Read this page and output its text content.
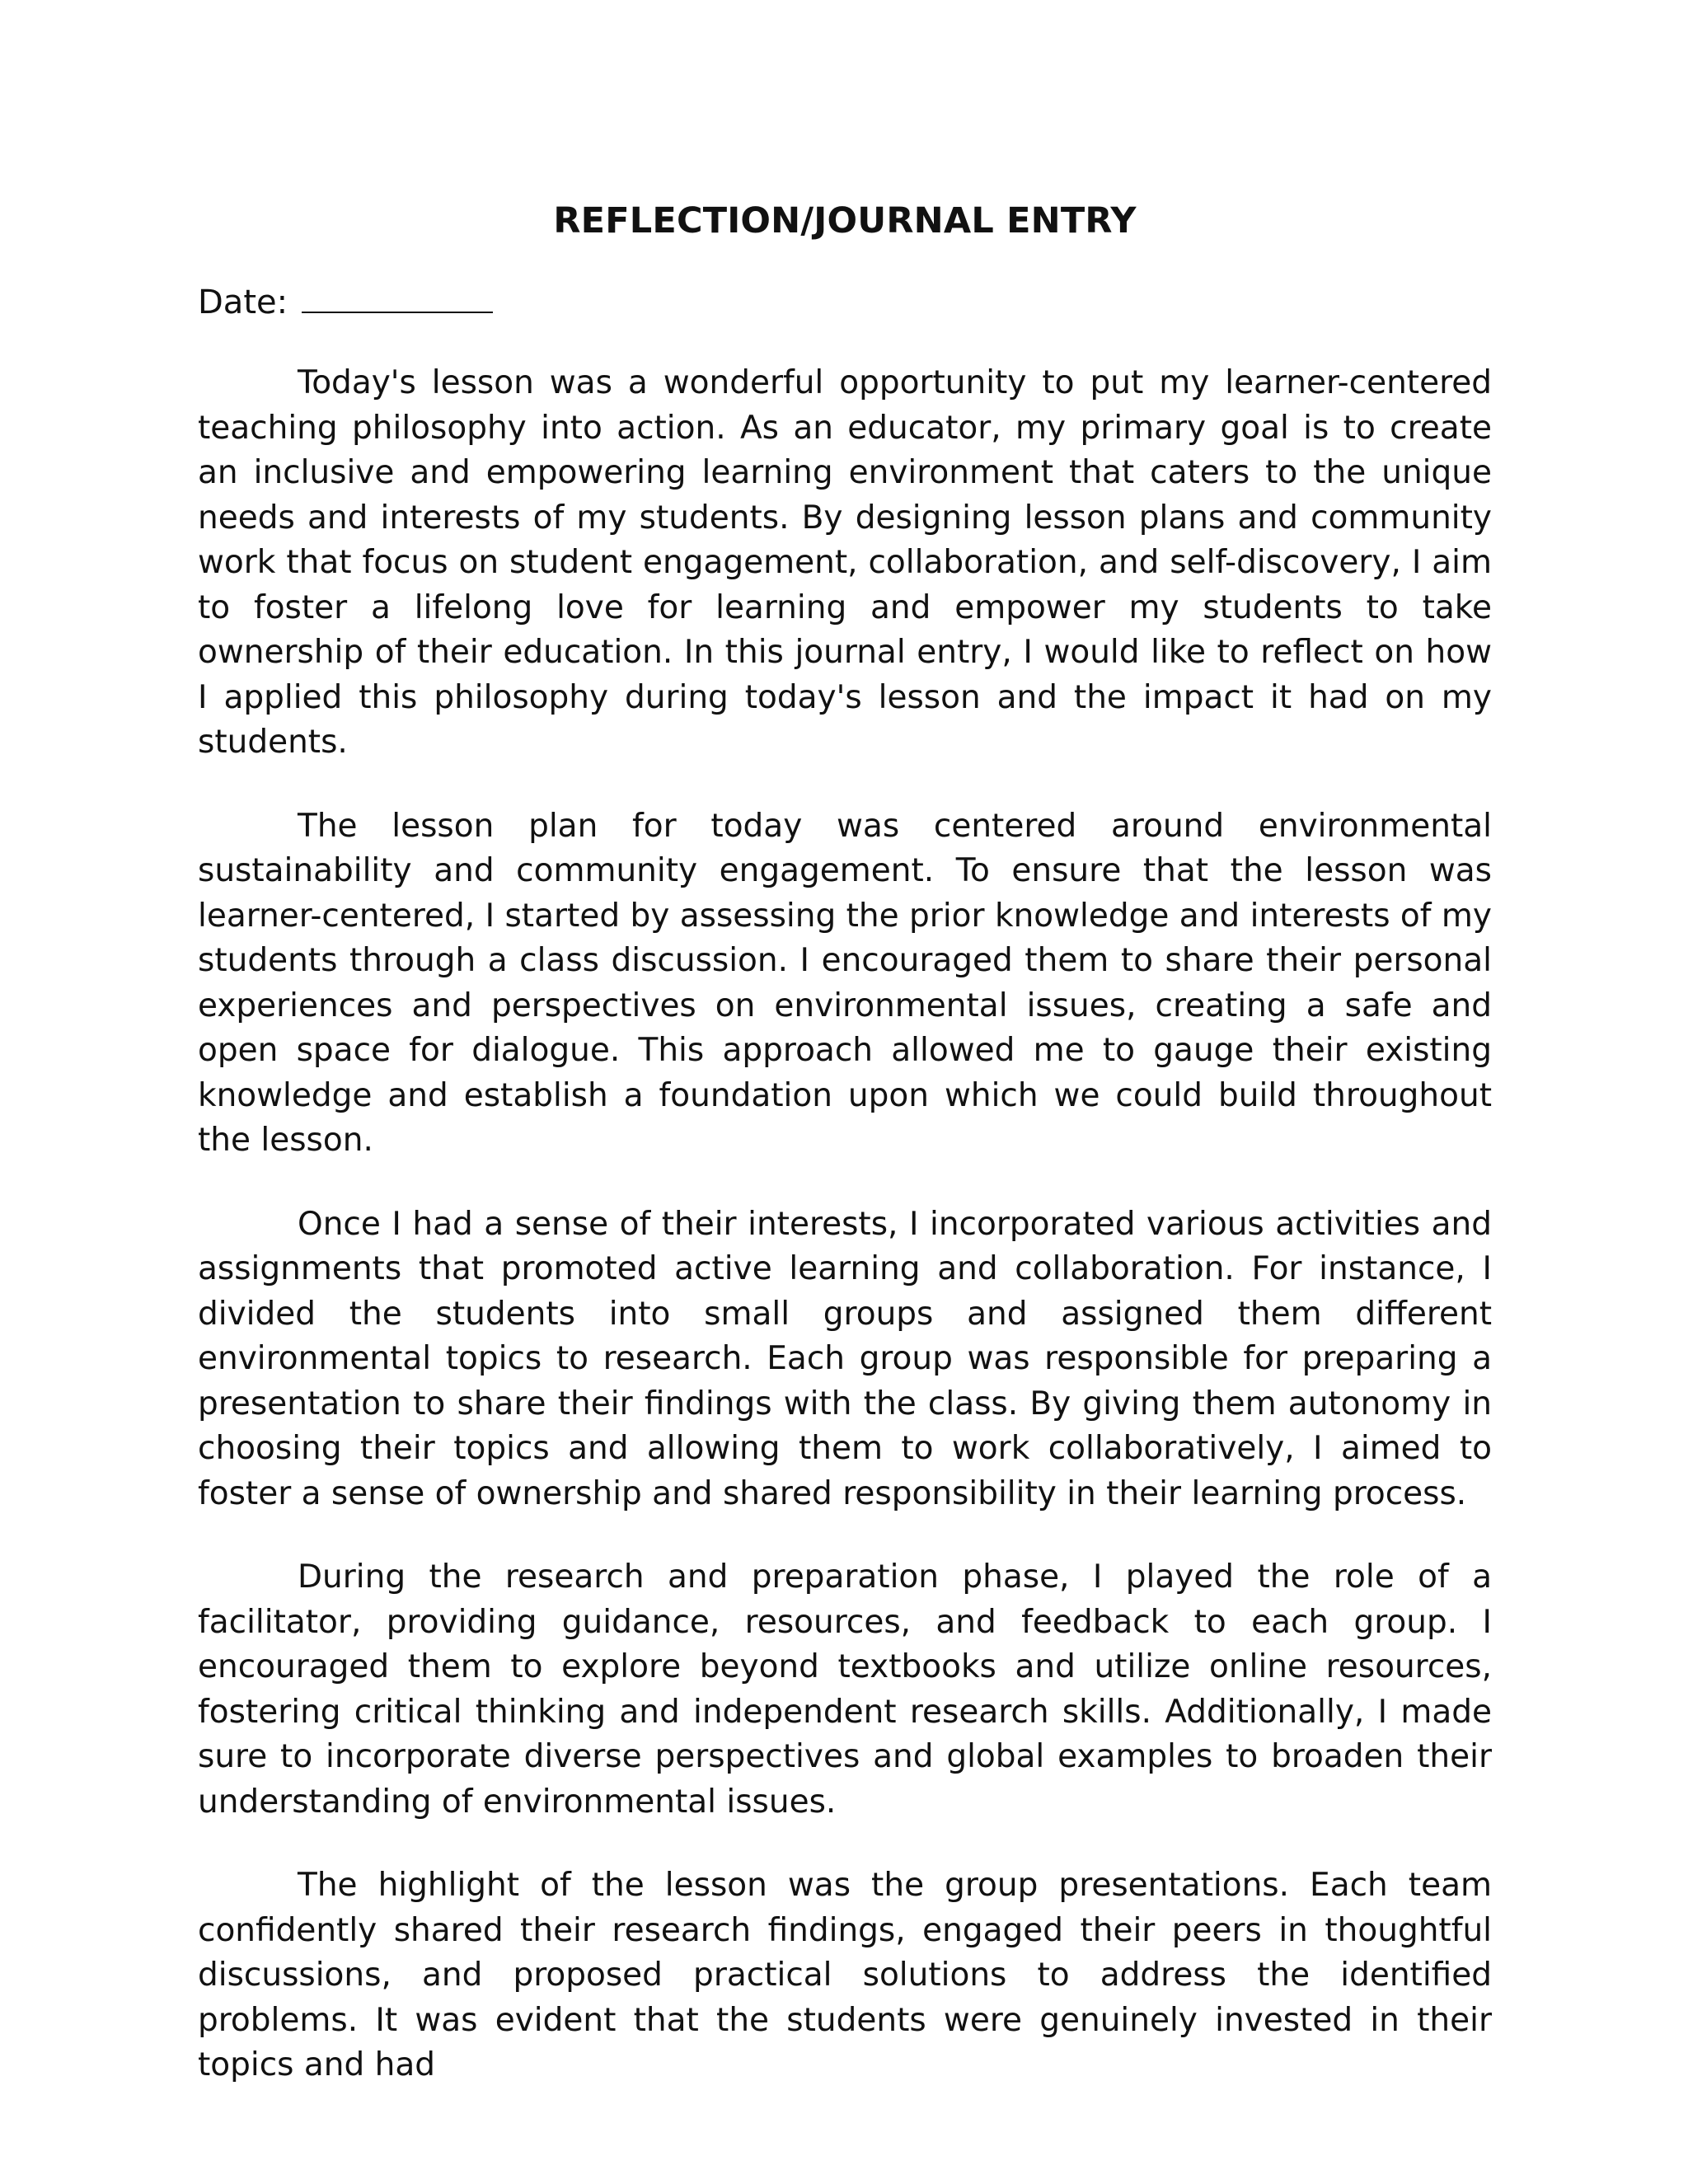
REFLECTION/JOURNAL ENTRY
Date:

Today's lesson was a wonderful opportunity to put my learner-centered teaching philosophy into action. As an educator, my primary goal is to create an inclusive and empowering learning environment that caters to the unique needs and interests of my students. By designing lesson plans and community work that focus on student engagement, collaboration, and self-discovery, I aim to foster a lifelong love for learning and empower my students to take ownership of their education. In this journal entry, I would like to reflect on how I applied this philosophy during today's lesson and the impact it had on my students.

The lesson plan for today was centered around environmental sustainability and community engagement. To ensure that the lesson was learner-centered, I started by assessing the prior knowledge and interests of my students through a class discussion. I encouraged them to share their personal experiences and perspectives on environmental issues, creating a safe and open space for dialogue. This approach allowed me to gauge their existing knowledge and establish a foundation upon which we could build throughout the lesson.

Once I had a sense of their interests, I incorporated various activities and assignments that promoted active learning and collaboration. For instance, I divided the students into small groups and assigned them different environmental topics to research. Each group was responsible for preparing a presentation to share their findings with the class. By giving them autonomy in choosing their topics and allowing them to work collaboratively, I aimed to foster a sense of ownership and shared responsibility in their learning process.

During the research and preparation phase, I played the role of a facilitator, providing guidance, resources, and feedback to each group. I encouraged them to explore beyond textbooks and utilize online resources, fostering critical thinking and independent research skills. Additionally, I made sure to incorporate diverse perspectives and global examples to broaden their understanding of environmental issues.

The highlight of the lesson was the group presentations. Each team confidently shared their research findings, engaged their peers in thoughtful discussions, and proposed practical solutions to address the identified problems. It was evident that the students were genuinely invested in their topics and had
